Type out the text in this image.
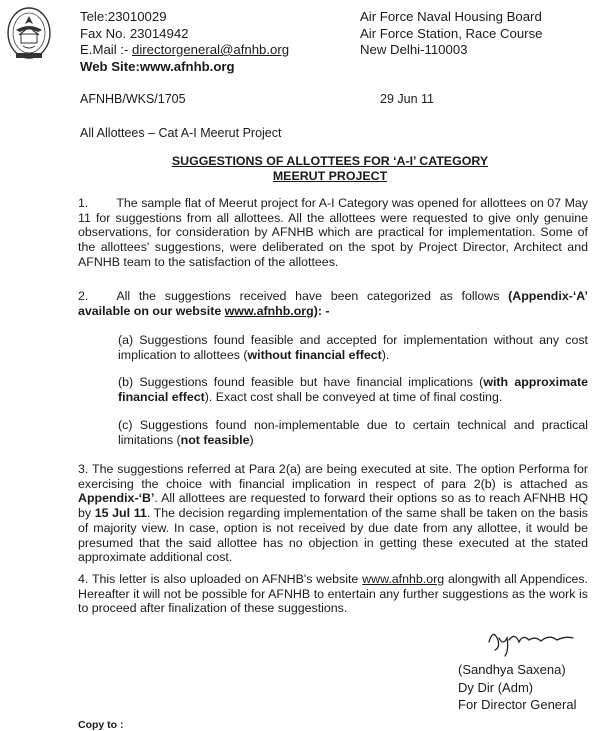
Tele:23010029
Fax No. 23014942
E.Mail :- directorgeneral@afnhb.org
Web Site:www.afnhb.org
Air Force Naval Housing Board
Air Force Station, Race Course
New Delhi-110003
AFNHB/WKS/1705	29 Jun 11
All Allottees – Cat A-I Meerut Project
SUGGESTIONS OF ALLOTTEES FOR ‘A-I’ CATEGORY
MEERUT PROJECT
1. The sample flat of Meerut project for A-I Category was opened for allottees on 07 May 11 for suggestions from all allottees. All the allottees were requested to give only genuine observations, for consideration by AFNHB which are practical for implementation. Some of the allottees' suggestions, were deliberated on the spot by Project Director, Architect and AFNHB team to the satisfaction of the allottees.
2. All the suggestions received have been categorized as follows (Appendix-‘A’ available on our website www.afnhb.org): -
(a) Suggestions found feasible and accepted for implementation without any cost implication to allottees (without financial effect).
(b) Suggestions found feasible but have financial implications (with approximate financial effect). Exact cost shall be conveyed at time of final costing.
(c) Suggestions found non-implementable due to certain technical and practical limitations (not feasible)
3. The suggestions referred at Para 2(a) are being executed at site. The option Performa for exercising the choice with financial implication in respect of para 2(b) is attached as Appendix-‘B’. All allottees are requested to forward their options so as to reach AFNHB HQ by 15 Jul 11. The decision regarding implementation of the same shall be taken on the basis of majority view. In case, option is not received by due date from any allottee, it would be presumed that the said allottee has no objection in getting these executed at the stated approximate additional cost.
4. This letter is also uploaded on AFNHB's website www.afnhb.org alongwith all Appendices. Hereafter it will not be possible for AFNHB to entertain any further suggestions as the work is to proceed after finalization of these suggestions.
(Sandhya Saxena)
Dy Dir (Adm)
For Director General
Copy to :
